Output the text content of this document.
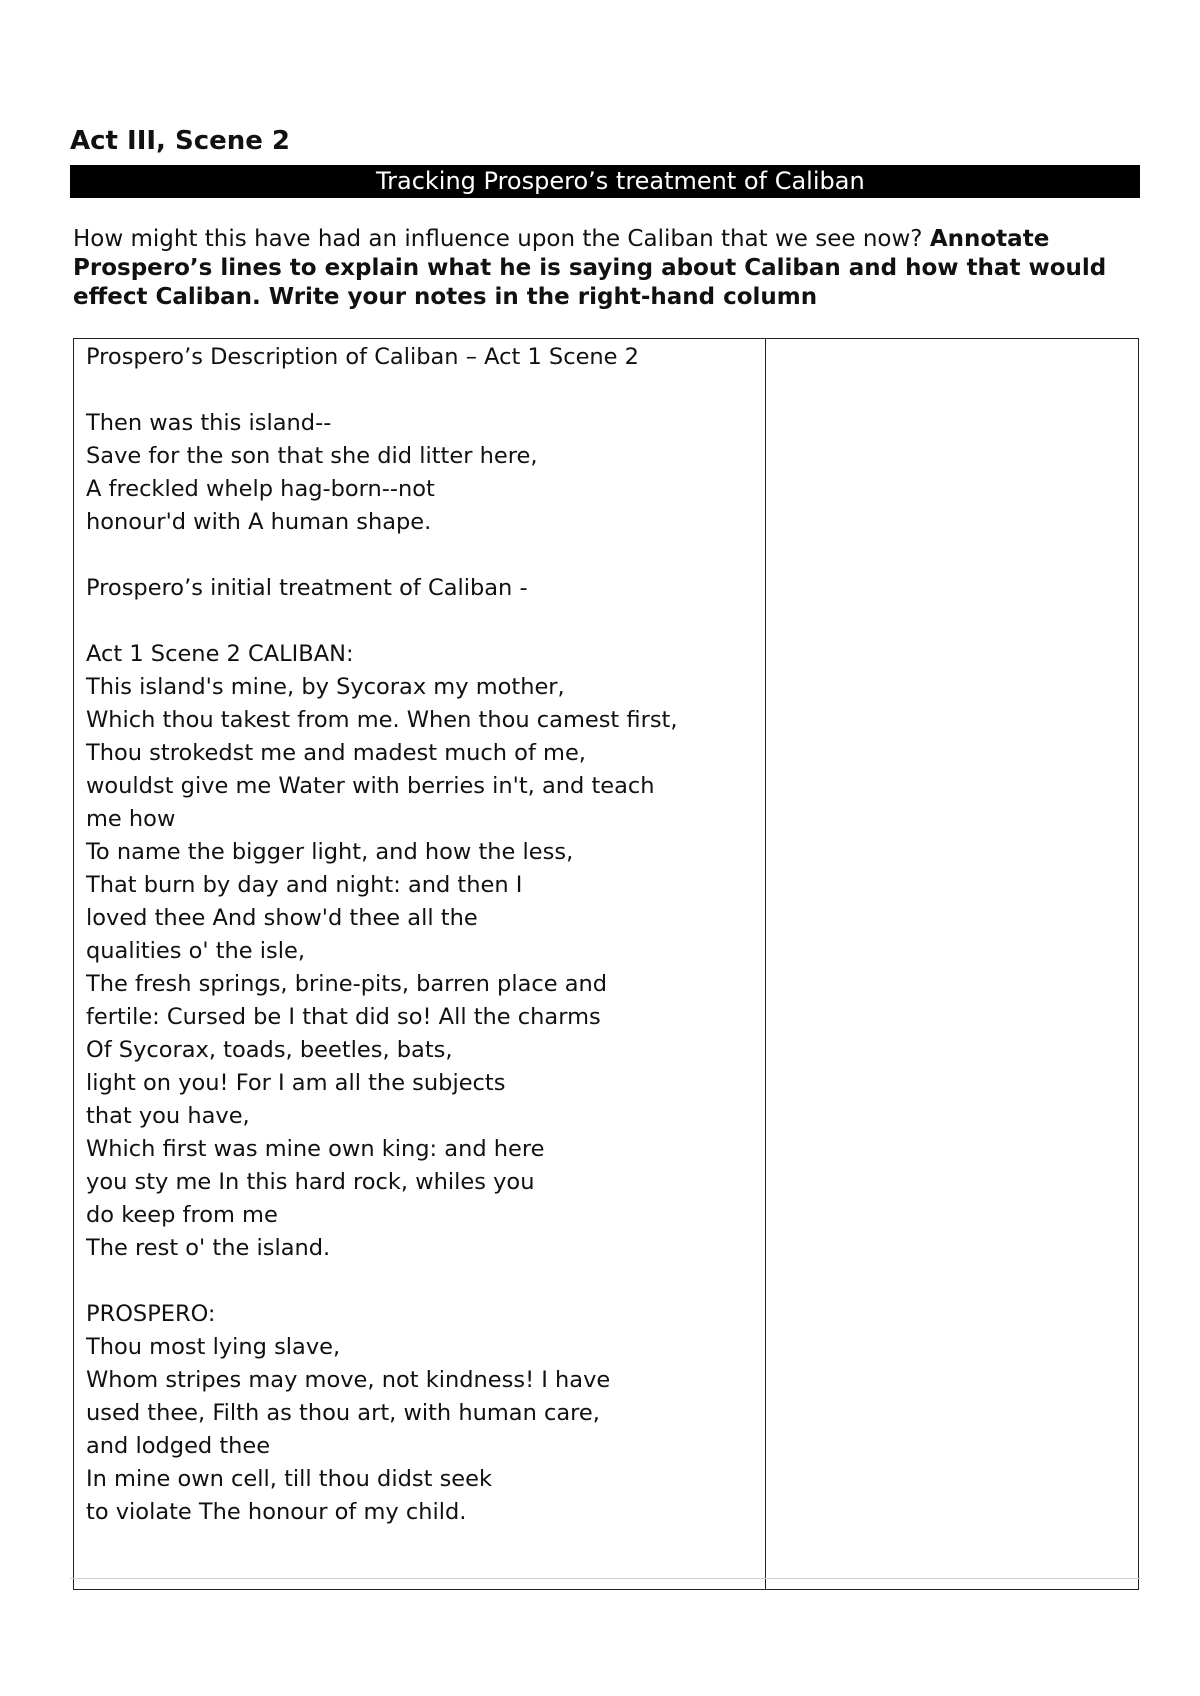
Act III, Scene 2
Tracking Prospero’s treatment of Caliban

How might this have had an influence upon the Caliban that we see now? Annotate Prospero’s lines to explain what he is saying about Caliban and how that would effect Caliban. Write your notes in the right-hand column

Prospero’s Description of Caliban – Act 1 Scene 2
Then was this island--
Save for the son that she did litter here,
A freckled whelp hag-born--not
honour'd with A human shape.
Prospero’s initial treatment of Caliban -
Act 1 Scene 2 CALIBAN:
This island's mine, by Sycorax my mother,
Which thou takest from me. When thou camest first,
Thou strokedst me and madest much of me,
wouldst give me Water with berries in't, and teach
me how
To name the bigger light, and how the less,
That burn by day and night: and then I
loved thee And show'd thee all the
qualities o' the isle,
The fresh springs, brine-pits, barren place and
fertile: Cursed be I that did so! All the charms
Of Sycorax, toads, beetles, bats,
light on you! For I am all the subjects
that you have,
Which first was mine own king: and here
you sty me In this hard rock, whiles you
do keep from me
The rest o' the island.
PROSPERO:
Thou most lying slave,
Whom stripes may move, not kindness! I have
used thee, Filth as thou art, with human care,
and lodged thee
In mine own cell, till thou didst seek
to violate The honour of my child.
